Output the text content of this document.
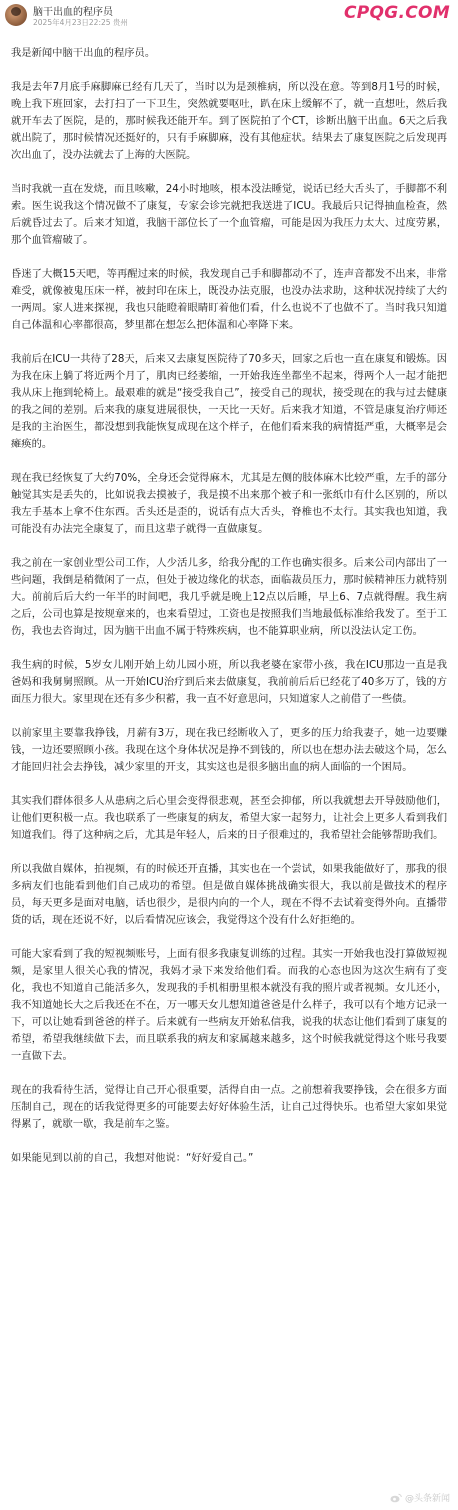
脑干出血的程序员
2025年4月23日22:25 贵州	CPQG.COM

我是新闻中脑干出血的程序员。

我是去年7月底手麻脚麻已经有几天了，当时以为是颈椎病，所以没在意。等到8月1号的时候，晚上我下班回家，去打扫了一下卫生，突然就要呕吐，趴在床上缓解不了，就一直想吐，然后我就开车去了医院，是的，那时候我还能开车。到了医院拍了个CT，诊断出脑干出血。6天之后我就出院了，那时候情况还挺好的，只有手麻脚麻，没有其他症状。结果去了康复医院之后发现再次出血了，没办法就去了上海的大医院。

当时我就一直在发烧，而且咳嗽，24小时地咳，根本没法睡觉，说话已经大舌头了，手脚都不利索。医生说我这个情况做不了康复，专家会诊完就把我送进了ICU。我最后只记得抽血检查，然后就昏过去了。后来才知道，我脑干部位长了一个血管瘤，可能是因为我压力太大、过度劳累，那个血管瘤破了。

昏迷了大概15天吧，等再醒过来的时候，我发现自己手和脚都动不了，连声音都发不出来，非常难受，就像被鬼压床一样，被封印在床上，既没办法克服，也没办法求助，这种状况持续了大约一两周。家人进来探视，我也只能瞪着眼睛盯着他们看，什么也说不了也做不了。当时我只知道自己体温和心率都很高，梦里都在想怎么把体温和心率降下来。

我前后在ICU一共待了28天，后来又去康复医院待了70多天，回家之后也一直在康复和锻炼。因为我在床上躺了将近两个月了，肌肉已经萎缩，一开始我连坐都坐不起来，得两个人一起才能把我从床上拖到轮椅上。最艰难的就是“接受我自己”，接受自己的现状，接受现在的我与过去健康的我之间的差别。后来我的康复进展很快，一天比一天好。后来我才知道，不管是康复治疗师还是我的主治医生，都没想到我能恢复成现在这个样子，在他们看来我的病情挺严重，大概率是会瘫痪的。

现在我已经恢复了大约70%，全身还会觉得麻木，尤其是左侧的肢体麻木比较严重，左手的部分触觉其实是丢失的，比如说我去摸被子，我是摸不出来那个被子和一张纸巾有什么区别的，所以我左手基本上拿不住东西。舌头还是歪的，说话有点大舌头，脊椎也不太行。其实我也知道，我可能没有办法完全康复了，而且这辈子就得一直做康复。

我之前在一家创业型公司工作，人少活儿多，给我分配的工作也确实很多。后来公司内部出了一些问题，我倒是稍微闲了一点，但处于被边缘化的状态，面临裁员压力，那时候精神压力就特别大。前前后后大约一年半的时间吧，我几乎就是晚上12点以后睡，早上6、7点就得醒。我生病之后，公司也算是按规章来的，也来看望过，工资也是按照我们当地最低标准给我发了。至于工伤，我也去咨询过，因为脑干出血不属于特殊疾病，也不能算职业病，所以没法认定工伤。

我生病的时候，5岁女儿刚开始上幼儿园小班，所以我老婆在家带小孩，我在ICU那边一直是我爸妈和我舅舅照顾。从一开始ICU治疗到后来去做康复，我前前后后已经花了40多万了，钱的方面压力很大。家里现在还有多少积蓄，我一直不好意思问，只知道家人之前借了一些债。

以前家里主要靠我挣钱，月薪有3万，现在我已经断收入了，更多的压力给我妻子，她一边要赚钱，一边还要照顾小孩。我现在这个身体状况是挣不到钱的，所以也在想办法去破这个局，怎么才能回归社会去挣钱，减少家里的开支，其实这也是很多脑出血的病人面临的一个困局。

其实我们群体很多人从患病之后心里会变得很悲观，甚至会抑郁，所以我就想去开导鼓励他们，让他们更积极一点。我也联系了一些康复的病友，希望大家一起努力，让社会上更多人看到我们知道我们。得了这种病之后，尤其是年轻人，后来的日子很难过的，我希望社会能够帮助我们。

所以我做自媒体，拍视频，有的时候还开直播，其实也在一个尝试，如果我能做好了，那我的很多病友们也能看到他们自己成功的希望。但是做自媒体挑战确实很大，我以前是做技术的程序员，每天更多是面对电脑，话也很少，是很内向的一个人，现在不得不去试着变得外向。直播带货的话，现在还说不好，以后看情况应该会，我觉得这个没有什么好拒绝的。

可能大家看到了我的短视频账号，上面有很多我康复训练的过程。其实一开始我也没打算做短视频，是家里人很关心我的情况，我妈才录下来发给他们看。而我的心态也因为这次生病有了变化，我也不知道自己能活多久，发现我的手机相册里根本就没有我的照片或者视频。女儿还小，我不知道她长大之后我还在不在，万一哪天女儿想知道爸爸是什么样子，我可以有个地方记录一下，可以让她看到爸爸的样子。后来就有一些病友开始私信我，说我的状态让他们看到了康复的希望，希望我继续做下去，而且联系我的病友和家属越来越多，这个时候我就觉得这个账号我要一直做下去。

现在的我看待生活，觉得让自己开心很重要，活得自由一点。之前想着我要挣钱，会在很多方面压制自己，现在的话我觉得更多的可能要去好好体验生活，让自己过得快乐。也希望大家如果觉得累了，就歇一歇，我是前车之鉴。

如果能见到以前的自己，我想对他说：“好好爱自己。”

@头条新闻
